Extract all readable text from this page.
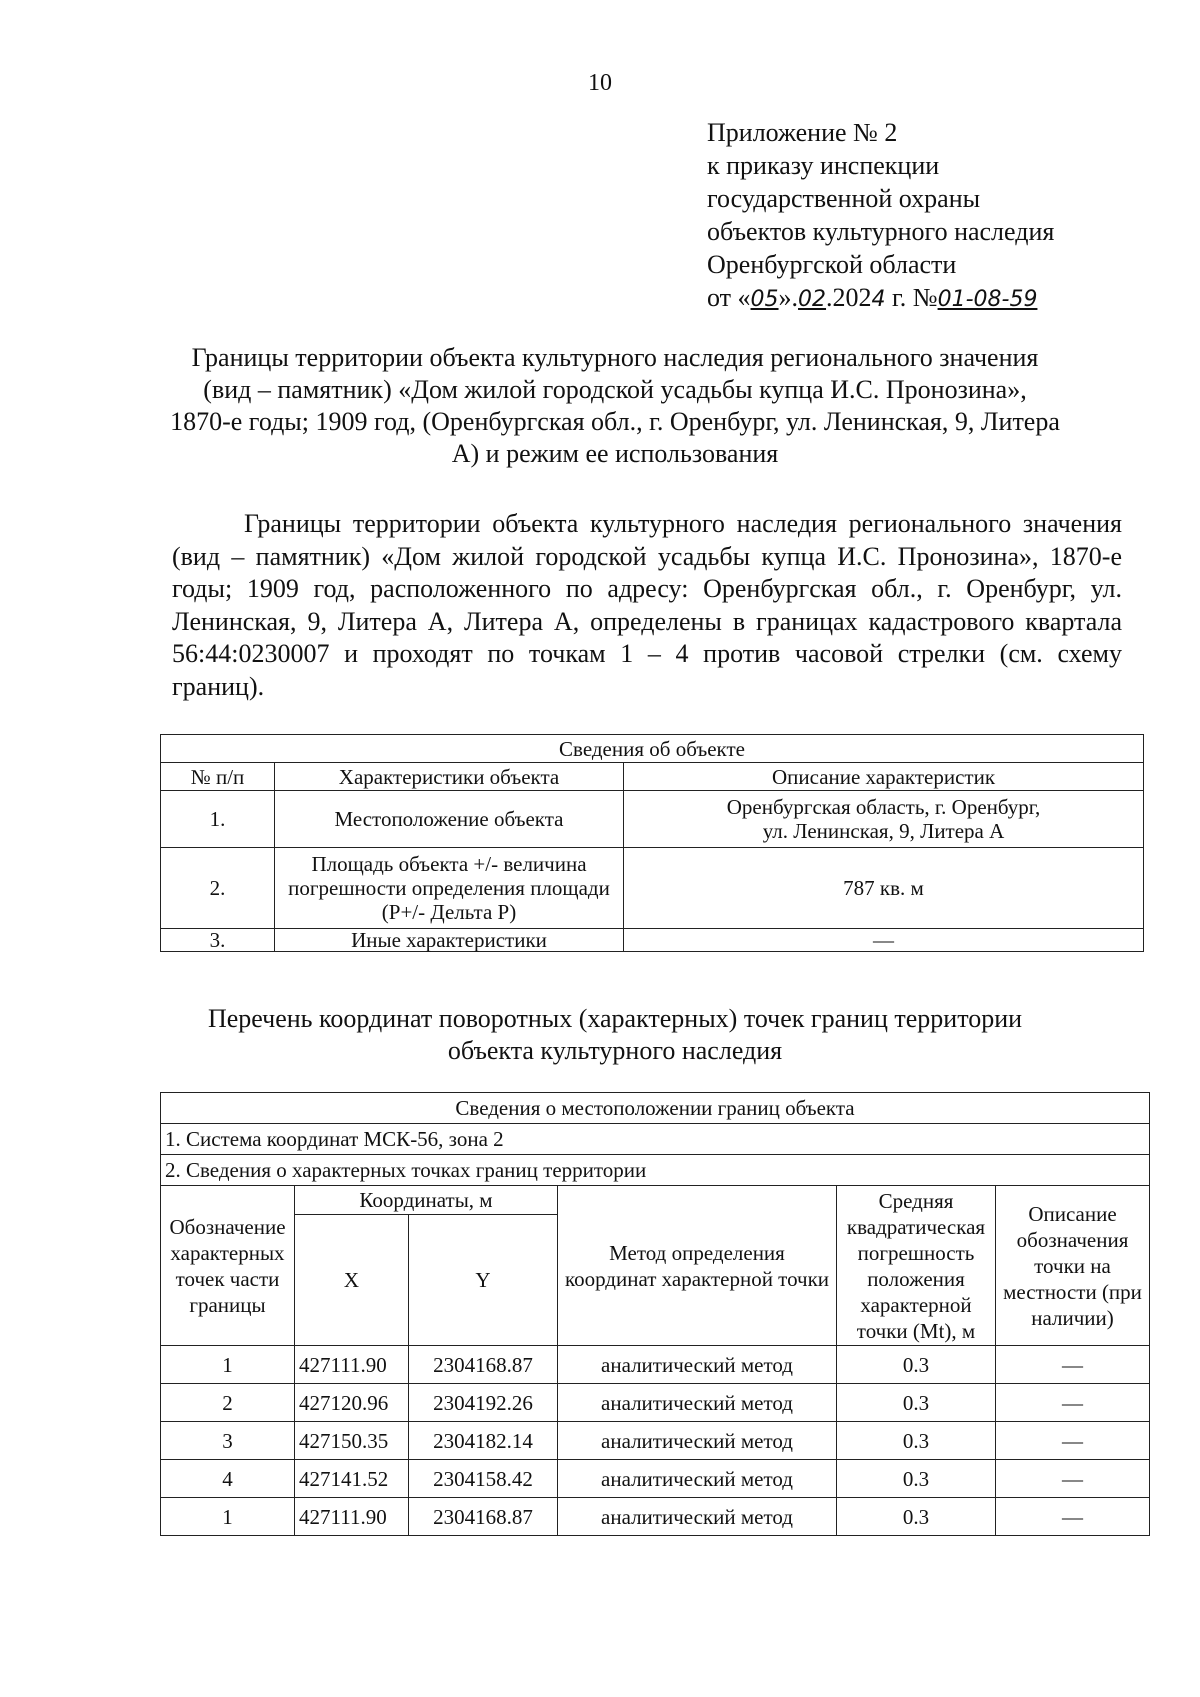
10
Приложение № 2
к приказу инспекции
государственной охраны
объектов культурного наследия
Оренбургской области
от «05».02.2024 г. №01-08-59
Границы территории объекта культурного наследия регионального значения (вид – памятник) «Дом жилой городской усадьбы купца И.С. Пронозина», 1870-е годы; 1909 год, (Оренбургская обл., г. Оренбург, ул. Ленинская, 9, Литера А) и режим ее использования
Границы территории объекта культурного наследия регионального значения (вид – памятник) «Дом жилой городской усадьбы купца И.С. Пронозина», 1870-е годы; 1909 год, расположенного по адресу: Оренбургская обл., г. Оренбург, ул. Ленинская, 9, Литера А, Литера А, определены в границах кадастрового квартала 56:44:0230007 и проходят по точкам 1 – 4 против часовой стрелки (см. схему границ).
Сведения об объекте		
№ п/п	Характеристики объекта	Описание характеристик
1.	Местоположение объекта	Оренбургская область, г. Оренбург,
ул. Ленинская, 9, Литера А

2.	Площадь объекта +/- величина погрешности определения площади (P+/- Дельта P)	787 кв. м
3.	Иные характеристики	—
Перечень координат поворотных (характерных) точек границ территории объекта культурного наследия
Сведения о местоположении границ объекта					
1. Система координат МСК-56, зона 2					
2. Сведения о характерных точках границ территории					
Обозначение характерных точек части границы	Координаты, м		Метод определения координат характерной точки	Средняя квадратическая погрешность положения характерной точки (Mt), м	Описание обозначения точки на местности (при наличии)
	X	Y			
1	427111.90	2304168.87	аналитический метод	0.3	—
2	427120.96	2304192.26	аналитический метод	0.3	—
3	427150.35	2304182.14	аналитический метод	0.3	—
4	427141.52	2304158.42	аналитический метод	0.3	—
1	427111.90	2304168.87	аналитический метод	0.3	—
